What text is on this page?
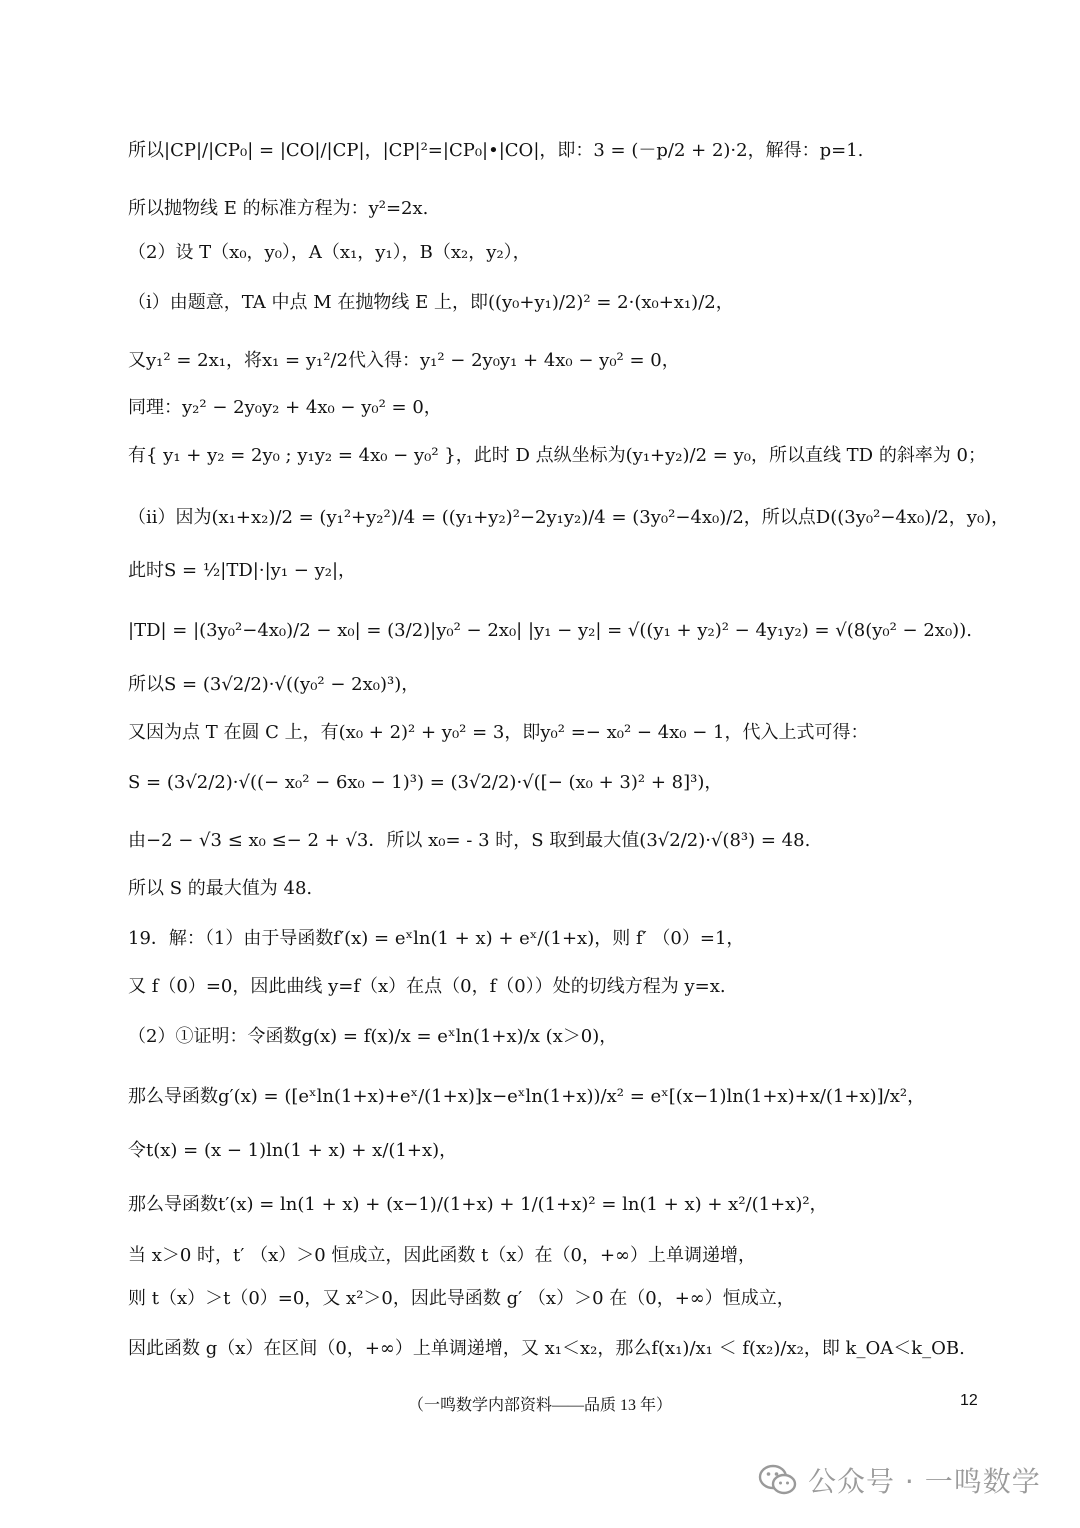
所以|CP|/|CP₀| = |CO|/|CP|，|CP|²=|CP₀|•|CO|，即：3 = (－p/2 + 2)·2，解得：p=1.
所以抛物线 E 的标准方程为：y²=2x.
（2）设 T（x₀，y₀），A（x₁，y₁），B（x₂，y₂），
（i）由题意，TA 中点 M 在抛物线 E 上，即((y₀+y₁)/2)² = 2·(x₀+x₁)/2，
又y₁² = 2x₁，将x₁ = y₁²/2代入得：y₁² − 2y₀y₁ + 4x₀ − y₀² = 0，
同理：y₂² − 2y₀y₂ + 4x₀ − y₀² = 0，
有{ y₁ + y₂ = 2y₀ ; y₁y₂ = 4x₀ − y₀² }，此时 D 点纵坐标为(y₁+y₂)/2 = y₀，所以直线 TD 的斜率为 0；
（ii）因为(x₁+x₂)/2 = (y₁²+y₂²)/4 = ((y₁+y₂)²−2y₁y₂)/4 = (3y₀²−4x₀)/2，所以点D((3y₀²−4x₀)/2，y₀)，
此时S = ½|TD|·|y₁ − y₂|，
|TD| = |(3y₀²−4x₀)/2 − x₀| = (3/2)|y₀² − 2x₀| |y₁ − y₂| = √((y₁ + y₂)² − 4y₁y₂) = √(8(y₀² − 2x₀)).
所以S = (3√2/2)·√((y₀² − 2x₀)³)，
又因为点 T 在圆 C 上，有(x₀ + 2)² + y₀² = 3，即y₀² =− x₀² − 4x₀ − 1，代入上式可得：
S = (3√2/2)·√((− x₀² − 6x₀ − 1)³) = (3√2/2)·√([− (x₀ + 3)² + 8]³)，
由−2 − √3 ≤ x₀ ≤− 2 + √3．所以 x₀= - 3 时，S 取到最大值(3√2/2)·√(8³) = 48.
所以 S 的最大值为 48.
19．解：（1）由于导函数f′(x) = eˣln(1 + x) + eˣ/(1+x)，则 f′ （0）=1，
又 f（0）=0，因此曲线 y=f（x）在点（0，f（0））处的切线方程为 y=x.
（2）①证明：令函数g(x) = f(x)/x = eˣln(1+x)/x (x＞0)，
那么导函数g′(x) = ([eˣln(1+x)+eˣ/(1+x)]x−eˣln(1+x))/x² = eˣ[(x−1)ln(1+x)+x/(1+x)]/x²，
令t(x) = (x − 1)ln(1 + x) + x/(1+x)，
那么导函数t′(x) = ln(1 + x) + (x−1)/(1+x) + 1/(1+x)² = ln(1 + x) + x²/(1+x)²，
当 x＞0 时，t′ （x）＞0 恒成立，因此函数 t（x）在（0，+∞）上单调递增，
则 t（x）＞t（0）=0，又 x²＞0，因此导函数 g′ （x）＞0 在（0，+∞）恒成立，
因此函数 g（x）在区间（0，+∞）上单调递增，又 x₁＜x₂，那么f(x₁)/x₁ ＜ f(x₂)/x₂，即 k_OA＜k_OB.
（一鸣数学内部资料——品质 13 年）	12
公众号 · 一鸣数学
